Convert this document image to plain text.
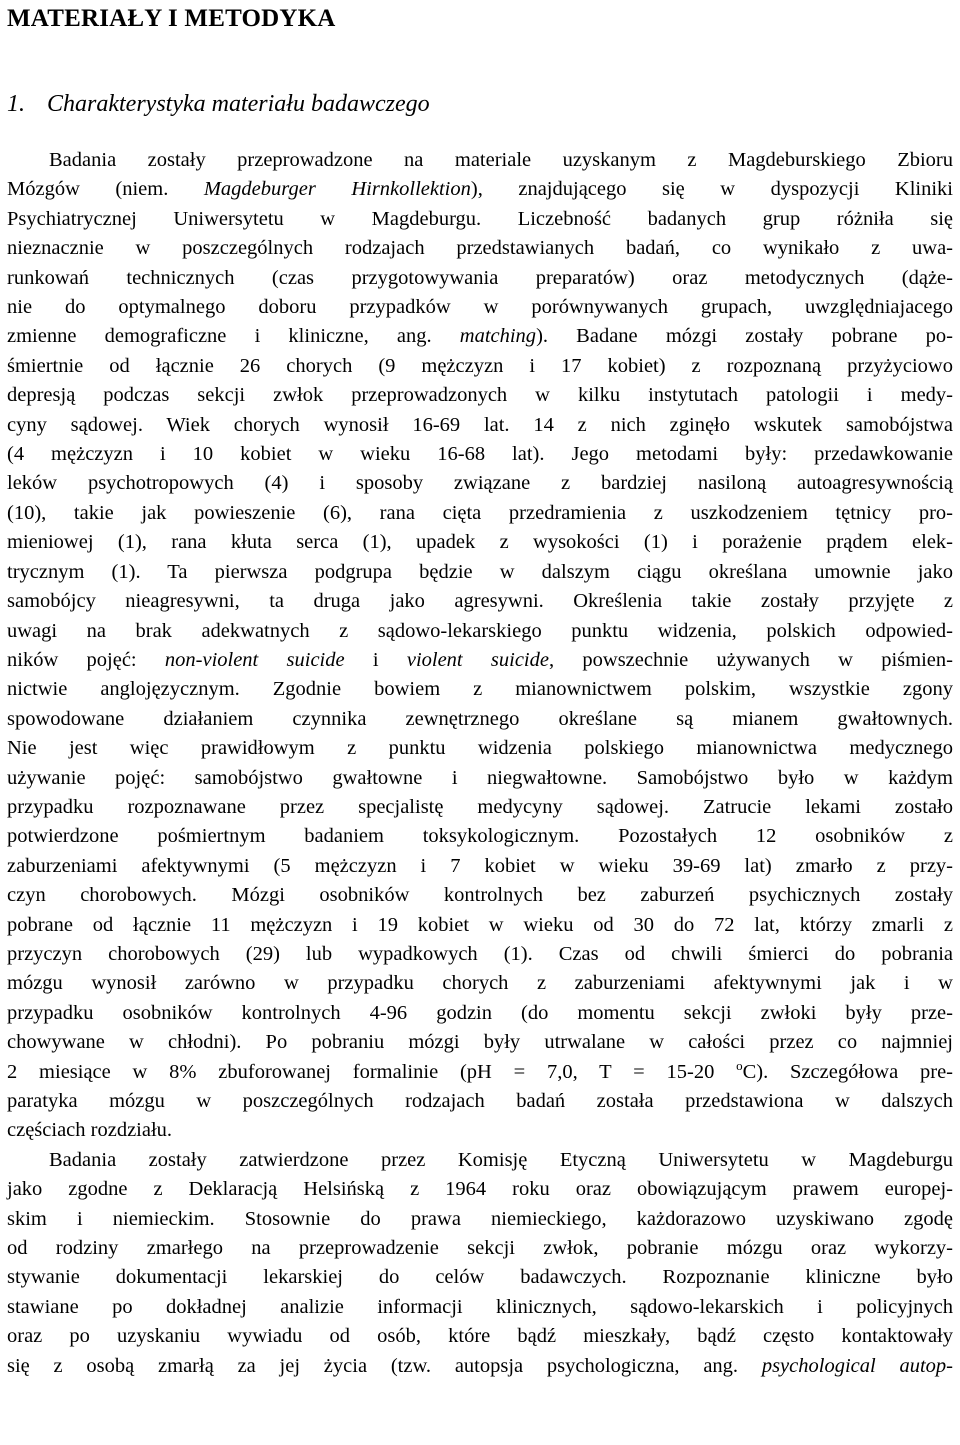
MATERIAŁY I METODYKA
1. Charakterystyka materiału badawczego
Badania zostały przeprowadzone na materiale uzyskanym z Magdeburskiego Zbioru
Mózgów (niem. Magdeburger Hirnkollektion), znajdującego się w dyspozycji Kliniki
Psychiatrycznej Uniwersytetu w Magdeburgu. Liczebność badanych grup różniła się
nieznacznie w poszczególnych rodzajach przedstawianych badań, co wynikało z uwa-
runkowań technicznych (czas przygotowywania preparatów) oraz metodycznych (dąże-
nie do optymalnego doboru przypadków w porównywanych grupach, uwzględniajacego
zmienne demograficzne i kliniczne, ang. matching). Badane mózgi zostały pobrane po-
śmiertnie od łącznie 26 chorych (9 mężczyzn i 17 kobiet) z rozpoznaną przyżyciowo
depresją podczas sekcji zwłok przeprowadzonych w kilku instytutach patologii i medy-
cyny sądowej. Wiek chorych wynosił 16-69 lat. 14 z nich zginęło wskutek samobójstwa
(4 mężczyzn i 10 kobiet w wieku 16-68 lat). Jego metodami były: przedawkowanie
leków psychotropowych (4) i sposoby związane z bardziej nasiloną autoagresywnością
(10), takie jak powieszenie (6), rana cięta przedramienia z uszkodzeniem tętnicy pro-
mieniowej (1), rana kłuta serca (1), upadek z wysokości (1) i porażenie prądem elek-
trycznym (1). Ta pierwsza podgrupa będzie w dalszym ciągu określana umownie jako
samobójcy nieagresywni, ta druga jako agresywni. Określenia takie zostały przyjęte z
uwagi na brak adekwatnych z sądowo-lekarskiego punktu widzenia, polskich odpowied-
ników pojęć: non-violent suicide i violent suicide, powszechnie używanych w piśmien-
nictwie anglojęzycznym. Zgodnie bowiem z mianownictwem polskim, wszystkie zgony
spowodowane działaniem czynnika zewnętrznego określane są mianem gwałtownych.
Nie jest więc prawidłowym z punktu widzenia polskiego mianownictwa medycznego
używanie pojęć: samobójstwo gwałtowne i niegwałtowne. Samobójstwo było w każdym
przypadku rozpoznawane przez specjalistę medycyny sądowej. Zatrucie lekami zostało
potwierdzone pośmiertnym badaniem toksykologicznym. Pozostałych 12 osobników z
zaburzeniami afektywnymi (5 mężczyzn i 7 kobiet w wieku 39-69 lat) zmarło z przy-
czyn chorobowych. Mózgi osobników kontrolnych bez zaburzeń psychicznych zostały
pobrane od łącznie 11 mężczyzn i 19 kobiet w wieku od 30 do 72 lat, którzy zmarli z
przyczyn chorobowych (29) lub wypadkowych (1). Czas od chwili śmierci do pobrania
mózgu wynosił zarówno w przypadku chorych z zaburzeniami afektywnymi jak i w
przypadku osobników kontrolnych 4-96 godzin (do momentu sekcji zwłoki były prze-
chowywane w chłodni). Po pobraniu mózgi były utrwalane w całości przez co najmniej
2 miesiące w 8% zbuforowanej formalinie (pH = 7,0, T = 15-20 $^o$C). Szczegółowa pre-
paratyka mózgu w poszczególnych rodzajach badań została przedstawiona w dalszych
częściach rozdziału.
Badania zostały zatwierdzone przez Komisję Etyczną Uniwersytetu w Magdeburgu
jako zgodne z Deklaracją Helsińską z 1964 roku oraz obowiązującym prawem europej-
skim i niemieckim. Stosownie do prawa niemieckiego, każdorazowo uzyskiwano zgodę
od rodziny zmarłego na przeprowadzenie sekcji zwłok, pobranie mózgu oraz wykorzy-
stywanie dokumentacji lekarskiej do celów badawczych. Rozpoznanie kliniczne było
stawiane po dokładnej analizie informacji klinicznych, sądowo-lekarskich i policyjnych
oraz po uzyskaniu wywiadu od osób, które bądź mieszkały, bądź często kontaktowały
się z osobą zmarłą za jej życia (tzw. autopsja psychologiczna, ang. psychological autop-
